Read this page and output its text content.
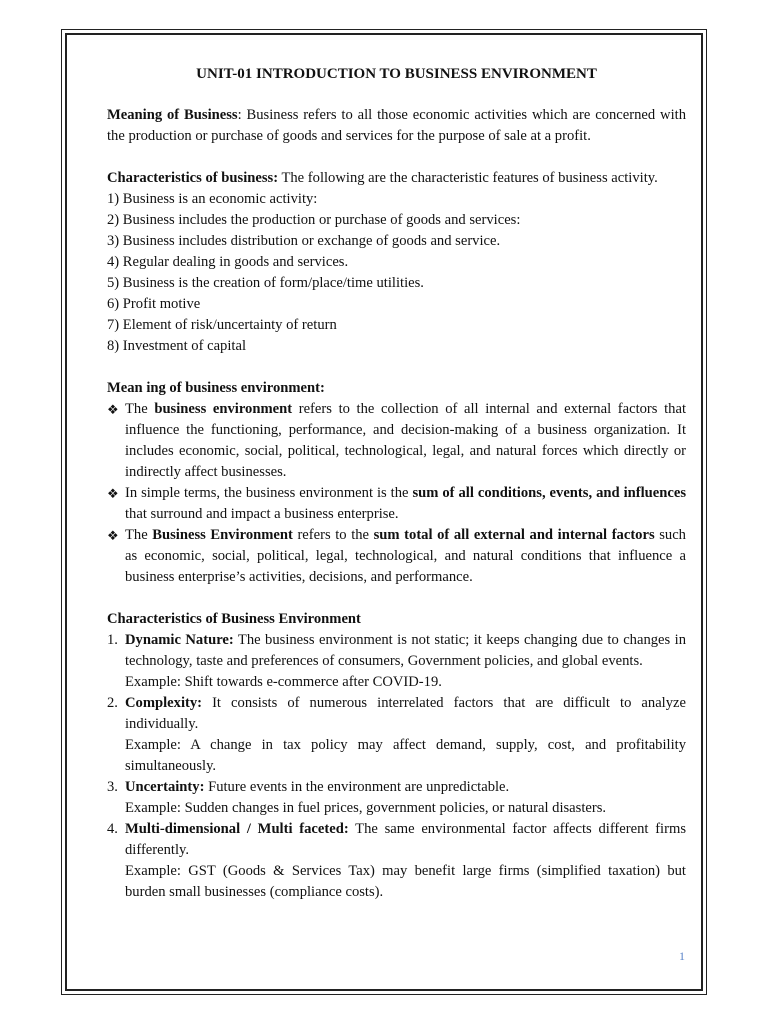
UNIT-01 INTRODUCTION TO BUSINESS ENVIRONMENT

Meaning of Business: Business refers to all those economic activities which are concerned with the production or purchase of goods and services for the purpose of sale at a profit.

Characteristics of business: The following are the characteristic features of business activity.

1) Business is an economic activity:
2) Business includes the production or purchase of goods and services:
3) Business includes distribution or exchange of goods and service.
4) Regular dealing in goods and services.
5) Business is the creation of form/place/time utilities.
6) Profit motive
7) Element of risk/uncertainty of return
8) Investment of capital

Mean ing of business environment:

❖ The business environment refers to the collection of all internal and external factors that influence the functioning, performance, and decision-making of a business organization. It includes economic, social, political, technological, legal, and natural forces which directly or indirectly affect businesses.
❖ In simple terms, the business environment is the sum of all conditions, events, and influences that surround and impact a business enterprise.
❖ The Business Environment refers to the sum total of all external and internal factors such as economic, social, political, legal, technological, and natural conditions that influence a business enterprise’s activities, decisions, and performance.

Characteristics of Business Environment

1. Dynamic Nature: The business environment is not static; it keeps changing due to changes in technology, taste and preferences of consumers, Government policies, and global events.
Example: Shift towards e-commerce after COVID-19.
2. Complexity: It consists of numerous interrelated factors that are difficult to analyze individually.
Example: A change in tax policy may affect demand, supply, cost, and profitability simultaneously.
3. Uncertainty: Future events in the environment are unpredictable.
Example: Sudden changes in fuel prices, government policies, or natural disasters.
4. Multi-dimensional / Multi faceted: The same environmental factor affects different firms differently.
Example: GST (Goods & Services Tax) may benefit large firms (simplified taxation) but burden small businesses (compliance costs).
1
